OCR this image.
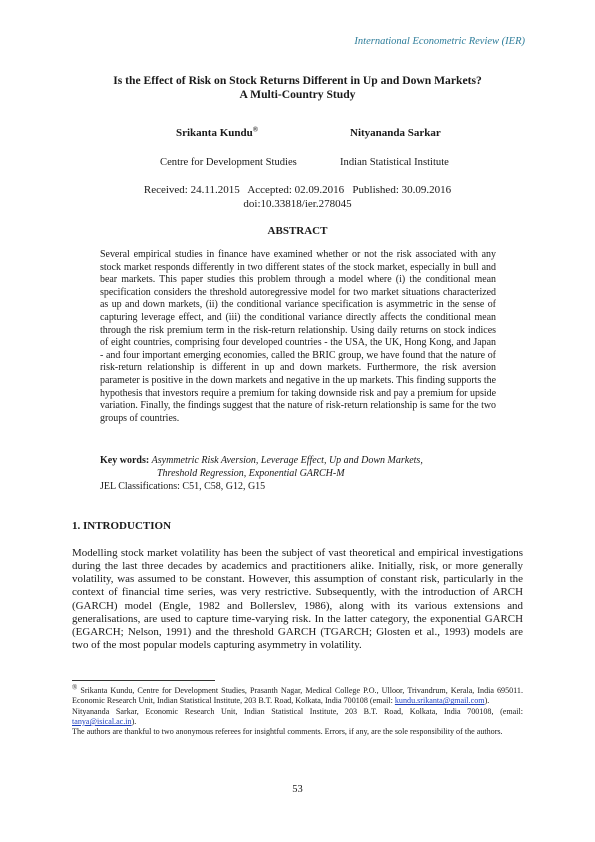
International Econometric Review (IER)
Is the Effect of Risk on Stock Returns Different in Up and Down Markets?
A Multi-Country Study
Srikanta Kundu®	Nityananda Sarkar
Centre for Development Studies	Indian Statistical Institute
Received: 24.11.2015   Accepted: 02.09.2016   Published: 30.09.2016
doi:10.33818/ier.278045
ABSTRACT
Several empirical studies in finance have examined whether or not the risk associated with any stock market responds differently in two different states of the stock market, especially in bull and bear markets. This paper studies this problem through a model where (i) the conditional mean specification considers the threshold autoregressive model for two market situations characterized as up and down markets, (ii) the conditional variance specification is asymmetric in the sense of capturing leverage effect, and (iii) the conditional variance directly affects the conditional mean through the risk premium term in the risk-return relationship. Using daily returns on stock indices of eight countries, comprising four developed countries - the USA, the UK, Hong Kong, and Japan - and four important emerging economies, called the BRIC group, we have found that the nature of risk-return relationship is different in up and down markets. Furthermore, the risk aversion parameter is positive in the down markets and negative in the up markets. This finding supports the hypothesis that investors require a premium for taking downside risk and pay a premium for upside variation. Finally, the findings suggest that the nature of risk-return relationship is same for the two groups of countries.
Key words: Asymmetric Risk Aversion, Leverage Effect, Up and Down Markets,
Threshold Regression, Exponential GARCH-M
JEL Classifications: C51, C58, G12, G15
1. INTRODUCTION
Modelling stock market volatility has been the subject of vast theoretical and empirical investigations during the last three decades by academics and practitioners alike. Initially, risk, or more generally volatility, was assumed to be constant. However, this assumption of constant risk, particularly in the context of financial time series, was very restrictive. Subsequently, with the introduction of ARCH (GARCH) model (Engle, 1982 and Bollerslev, 1986), along with its various extensions and generalisations, are used to capture time-varying risk. In the latter category, the exponential GARCH (EGARCH; Nelson, 1991) and the threshold GARCH (TGARCH; Glosten et al., 1993) models are two of the most popular models capturing asymmetry in volatility.
® Srikanta Kundu, Centre for Development Studies, Prasanth Nagar, Medical College P.O., Ulloor, Trivandrum, Kerala, India 695011. Economic Research Unit, Indian Statistical Institute, 203 B.T. Road, Kolkata, India 700108 (email: kundu.srikanta@gmail.com).
Nityananda Sarkar, Economic Research Unit, Indian Statistical Institute, 203 B.T. Road, Kolkata, India 700108, (email: tanya@isical.ac.in).
The authors are thankful to two anonymous referees for insightful comments. Errors, if any, are the sole responsibility of the authors.
53
